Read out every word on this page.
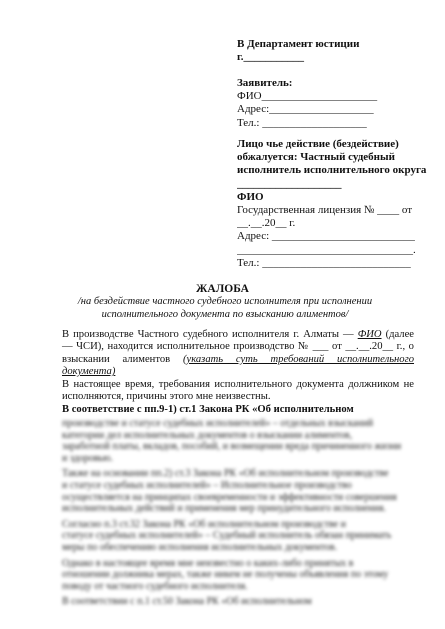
В Департамент юстиции
г.___________
Заявитель:
ФИО_____________________
Адрес:___________________
Тел.: ___________________
Лицо чье действие (бездействие)
обжалуется: Частный судебный
исполнитель исполнительного округа
___________________
ФИО
Государственная лицензия № ____ от
__.__.20__ г.
Адрес: __________________________
________________________________.
Тел.: ___________________________
ЖАЛОБА
/на бездействие частного судебного исполнителя при исполнении
исполнительного документа по взысканию алиментов/
В производстве Частного судебного исполнителя г. Алматы — ФИО (далее — ЧСИ), находится исполнительное производство № ___ от __.__.20__ г., о взыскании алиментов (указать суть требований исполнительного документа)
В настоящее время, требования исполнительного документа должником не исполняются, причины этого мне неизвестны.
В соответствие с пп.9-1) ст.1 Закона РК «Об исполнительном
производстве и статусе судебных исполнителей» – отдельных взысканий
категории дел исполнительных документов о взыскании алиментов,
заработной платы, вкладов, пособий, и возмещении вреда причиненного жизни
и здоровью.
Также на основании пп.2) ст.3 Закона РК «Об исполнительном производстве
и статусе судебных исполнителей» – Исполнительное производство
осуществляется на принципах своевременности и эффективности совершения
исполнительных действий и применения мер принудительного исполнения.
Согласно п.3 ст.32 Закона РК «Об исполнительном производстве и
статусе судебных исполнителей» – Судебный исполнитель обязан принимать
меры по обеспечению исполнения исполнительных документов.
Однако в настоящее время мне неизвестно о каких-либо принятых в
отношении должника мерах, также никем не получены объявления по этому
поводу от частного судебного исполнителя.
В соответствии с п.1 ст.50 Закона РК «Об исполнительном
